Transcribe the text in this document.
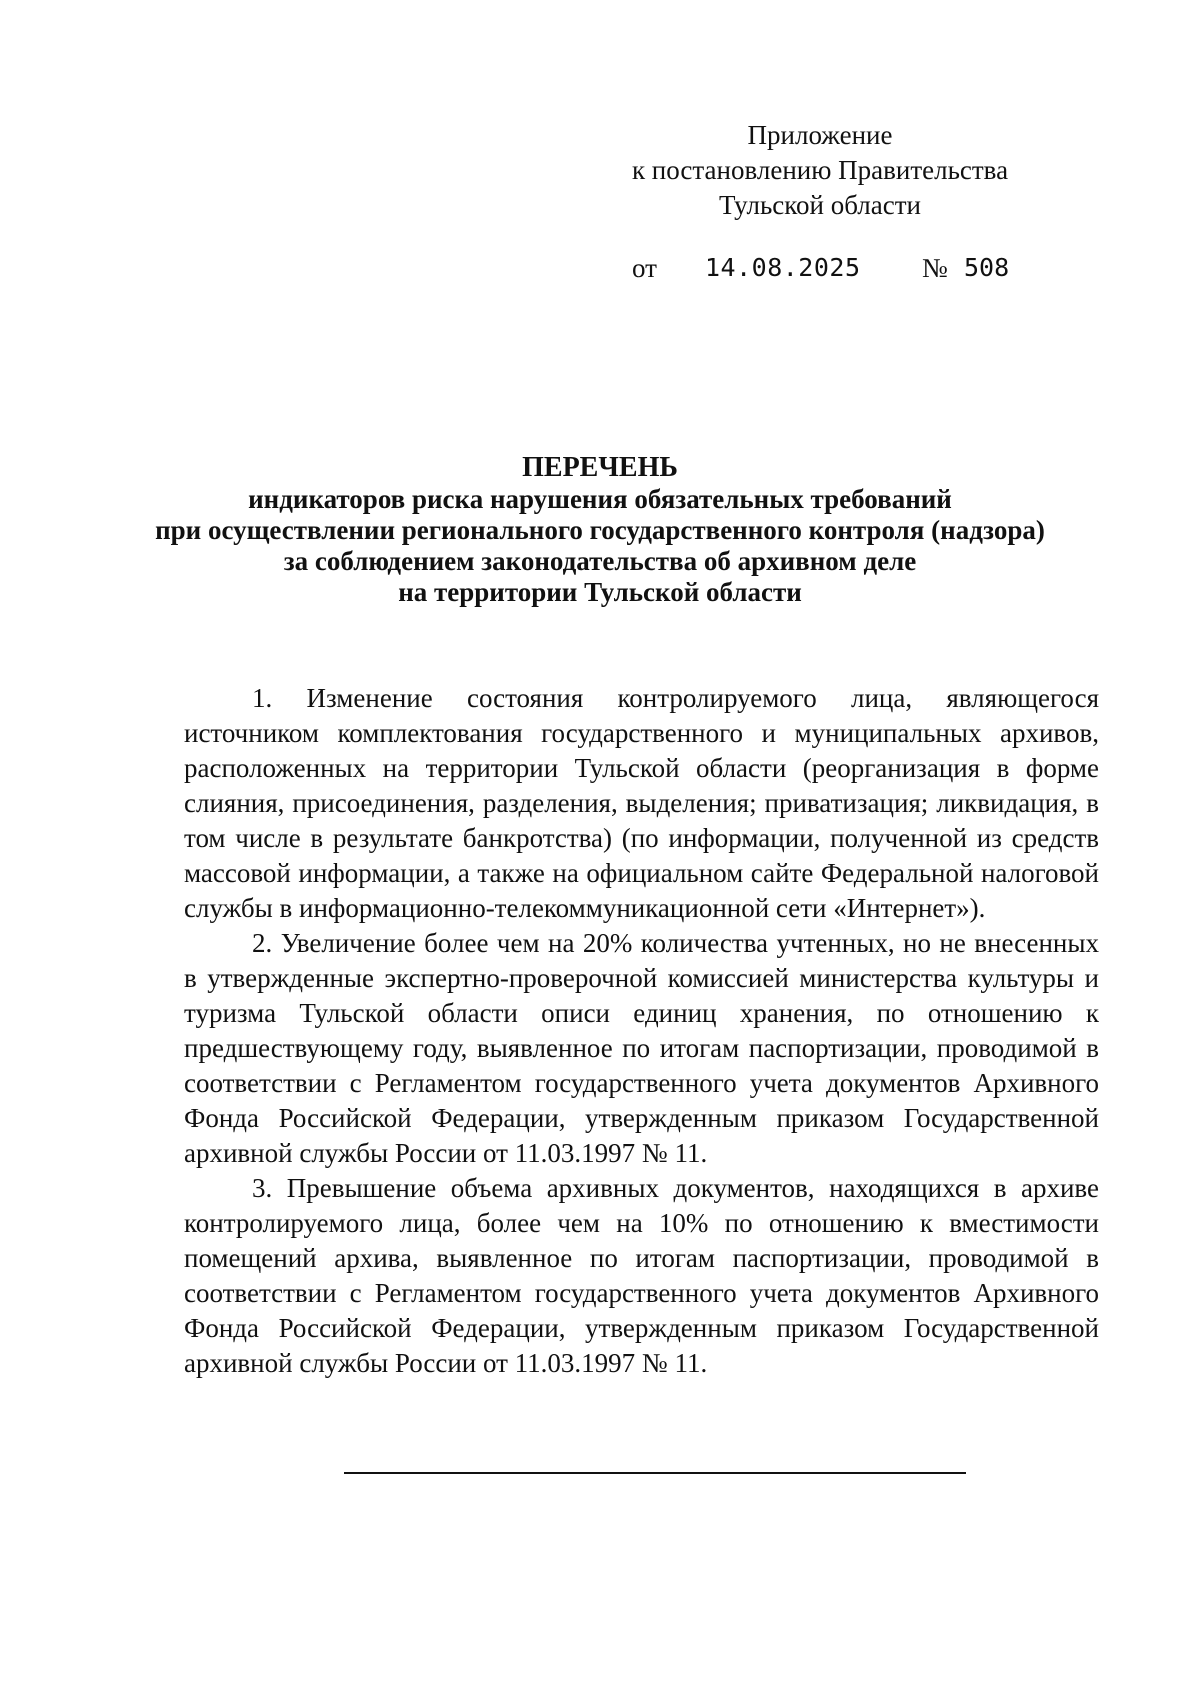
Приложение
к постановлению Правительства
Тульской области
от 14.08.2025 № 508
ПЕРЕЧЕНЬ
индикаторов риска нарушения обязательных требований
при осуществлении регионального государственного контроля (надзора)
за соблюдением законодательства об архивном деле
на территории Тульской области

1. Изменение состояния контролируемого лица, являющегося источником комплектования государственного и муниципальных архивов, расположенных на территории Тульской области (реорганизация в форме слияния, присоединения, разделения, выделения; приватизация; ликвидация, в том числе в результате банкротства) (по информации, полученной из средств массовой информации, а также на официальном сайте Федеральной налоговой службы в информационно-телекоммуникационной сети «Интернет»).

2. Увеличение более чем на 20% количества учтенных, но не внесенных в утвержденные экспертно-проверочной комиссией министерства культуры и туризма Тульской области описи единиц хранения, по отношению к предшествующему году, выявленное по итогам паспортизации, проводимой в соответствии с Регламентом государственного учета документов Архивного Фонда Российской Федерации, утвержденным приказом Государственной архивной службы России от 11.03.1997 № 11.

3. Превышение объема архивных документов, находящихся в архиве контролируемого лица, более чем на 10% по отношению к вместимости помещений архива, выявленное по итогам паспортизации, проводимой в соответствии с Регламентом государственного учета документов Архивного Фонда Российской Федерации, утвержденным приказом Государственной архивной службы России от 11.03.1997 № 11.
